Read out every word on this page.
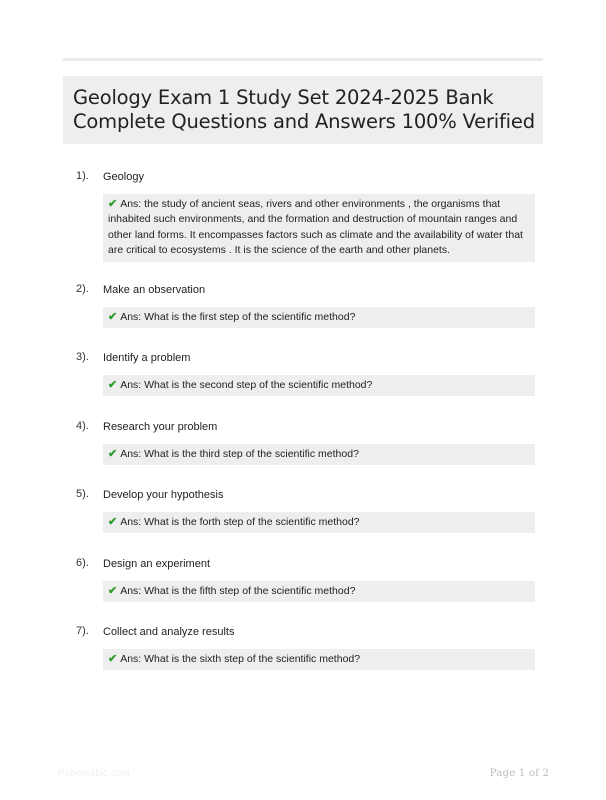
Geology Exam 1 Study Set 2024-2025 Bank Complete Questions and Answers 100% Verified
1). Geology
✔ Ans: the study of ancient seas, rivers and other environments , the organisms that inhabited such environments, and the formation and destruction of mountain ranges and other land forms. It encompasses factors such as climate and the availability of water that are critical to ecosystems . It is the science of the earth and other planets.
2). Make an observation
✔ Ans: What is the first step of the scientific method?
3). Identify a problem
✔ Ans: What is the second step of the scientific method?
4). Research your problem
✔ Ans: What is the third step of the scientific method?
5). Develop your hypothesis
✔ Ans: What is the forth step of the scientific method?
6). Design an experiment
✔ Ans: What is the fifth step of the scientific method?
7). Collect and analyze results
✔ Ans: What is the sixth step of the scientific method?
Papers4bic.com	Page 1 of 2
